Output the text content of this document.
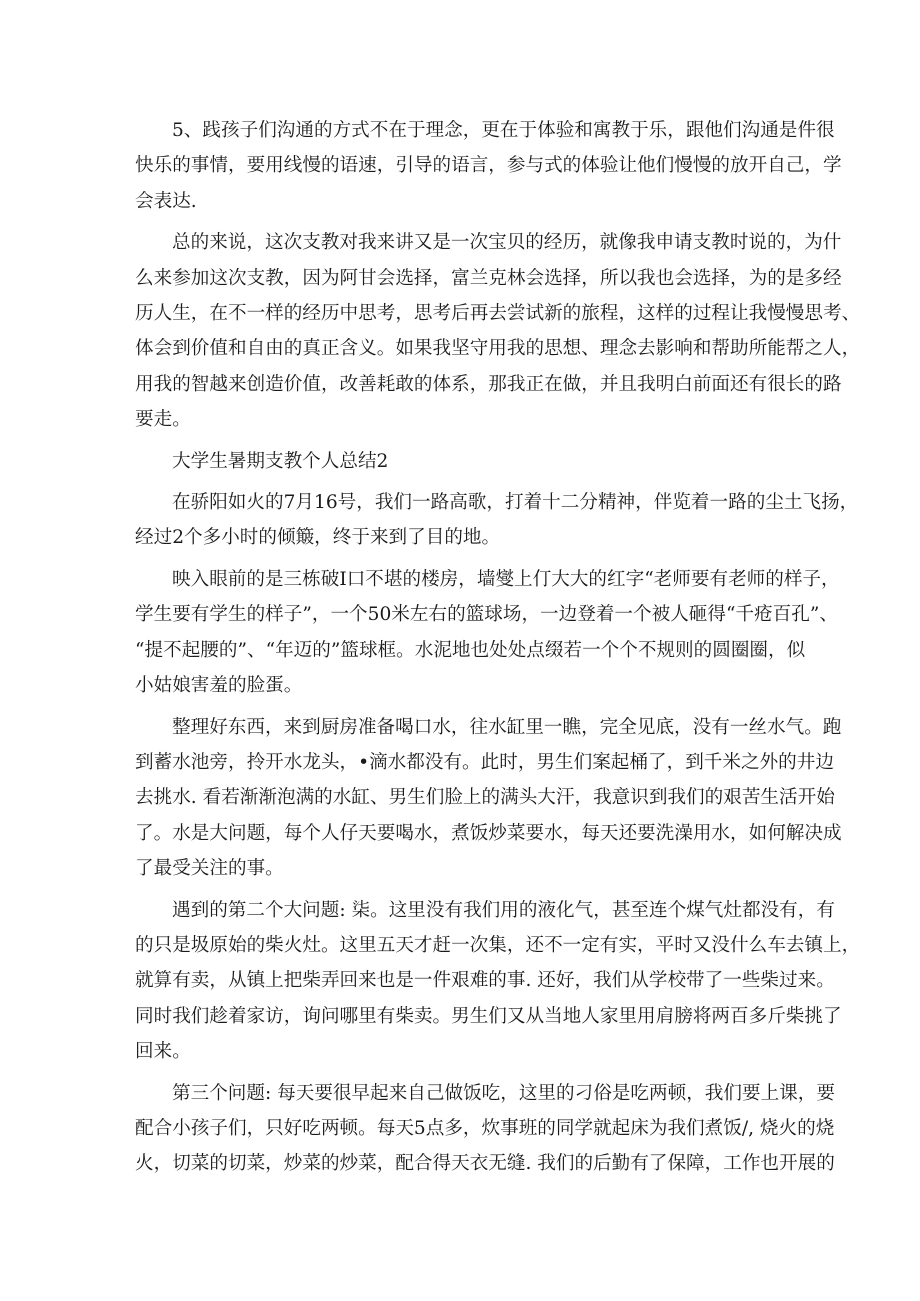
5、践孩子们沟通的方式不在于理念，更在于体验和寓教于乐，跟他们沟通是件很
快乐的事情，要用线慢的语速，引导的语言，参与式的体验让他们慢慢的放开自己，学
会表达.
总的来说，这次支教对我来讲又是一次宝贝的经历，就像我申请支教时说的，为什
么来参加这次支教，因为阿甘会选择，富兰克林会选择，所以我也会选择，为的是多经
历人生，在不一样的经历中思考，思考后再去尝试新的旅程，这样的过程让我慢慢思考、
体会到价值和自由的真正含义。如果我坚守用我的思想、理念去影响和帮助所能帮之人，
用我的智越来创造价值，改善耗敢的体系，那我正在做，并且我明白前面还有很长的路
要走。
大学生暑期支教个人总结2
在骄阳如火的7月16号，我们一路高歌，打着十二分精神，伴览着一路的尘土飞扬，
经过2个多小时的倾簸，终于来到了目的地。
映入眼前的是三栋破I口不堪的楼房，墙燮上仃大大的红字“老师要有老师的样子，
学生要有学生的样子”，一个50米左右的篮球场，一边登着一个被人砸得“千疮百孔”、
“提不起腰的”、“年迈的”篮球框。水泥地也处处点缀若一个个不规则的圆圈圈，似
小姑娘害羞的脸蛋。
整理好东西，来到厨房准备喝口水，往水缸里一瞧，完全见底，没有一丝水气。跑
到蓄水池旁，拎开水龙头，•滴水都没有。此时，男生们案起桶了，到千米之外的井边
去挑水. 看若渐渐泡满的水缸、男生们脸上的满头大汗，我意识到我们的艰苦生活开始
了。水是大问题，每个人仔天要喝水，煮饭炒菜要水，每天还要洗澡用水，如何解决成
了最受关注的事。
遇到的第二个大问题: 柒。这里没有我们用的液化气，甚至连个煤气灶都没有，有
的只是圾原始的柴火灶。这里五天才赶一次集，还不一定有实，平时又没什么车去镇上，
就算有卖，从镇上把柴弄回来也是一件艰难的事. 还好，我们从学校带了一些柴过来。
同时我们趁着家访，询问哪里有柴卖。男生们又从当地人家里用肩膀将两百多斤柴挑了
回来。
第三个问题: 每天要很早起来自己做饭吃，这里的刁俗是吃两顿，我们要上课，要
配合小孩子们，只好吃两顿。每天5点多，炊事班的同学就起床为我们煮饭/, 烧火的烧
火，切菜的切菜，炒菜的炒菜，配合得天衣无缝. 我们的后勤有了保障，工作也开展的
